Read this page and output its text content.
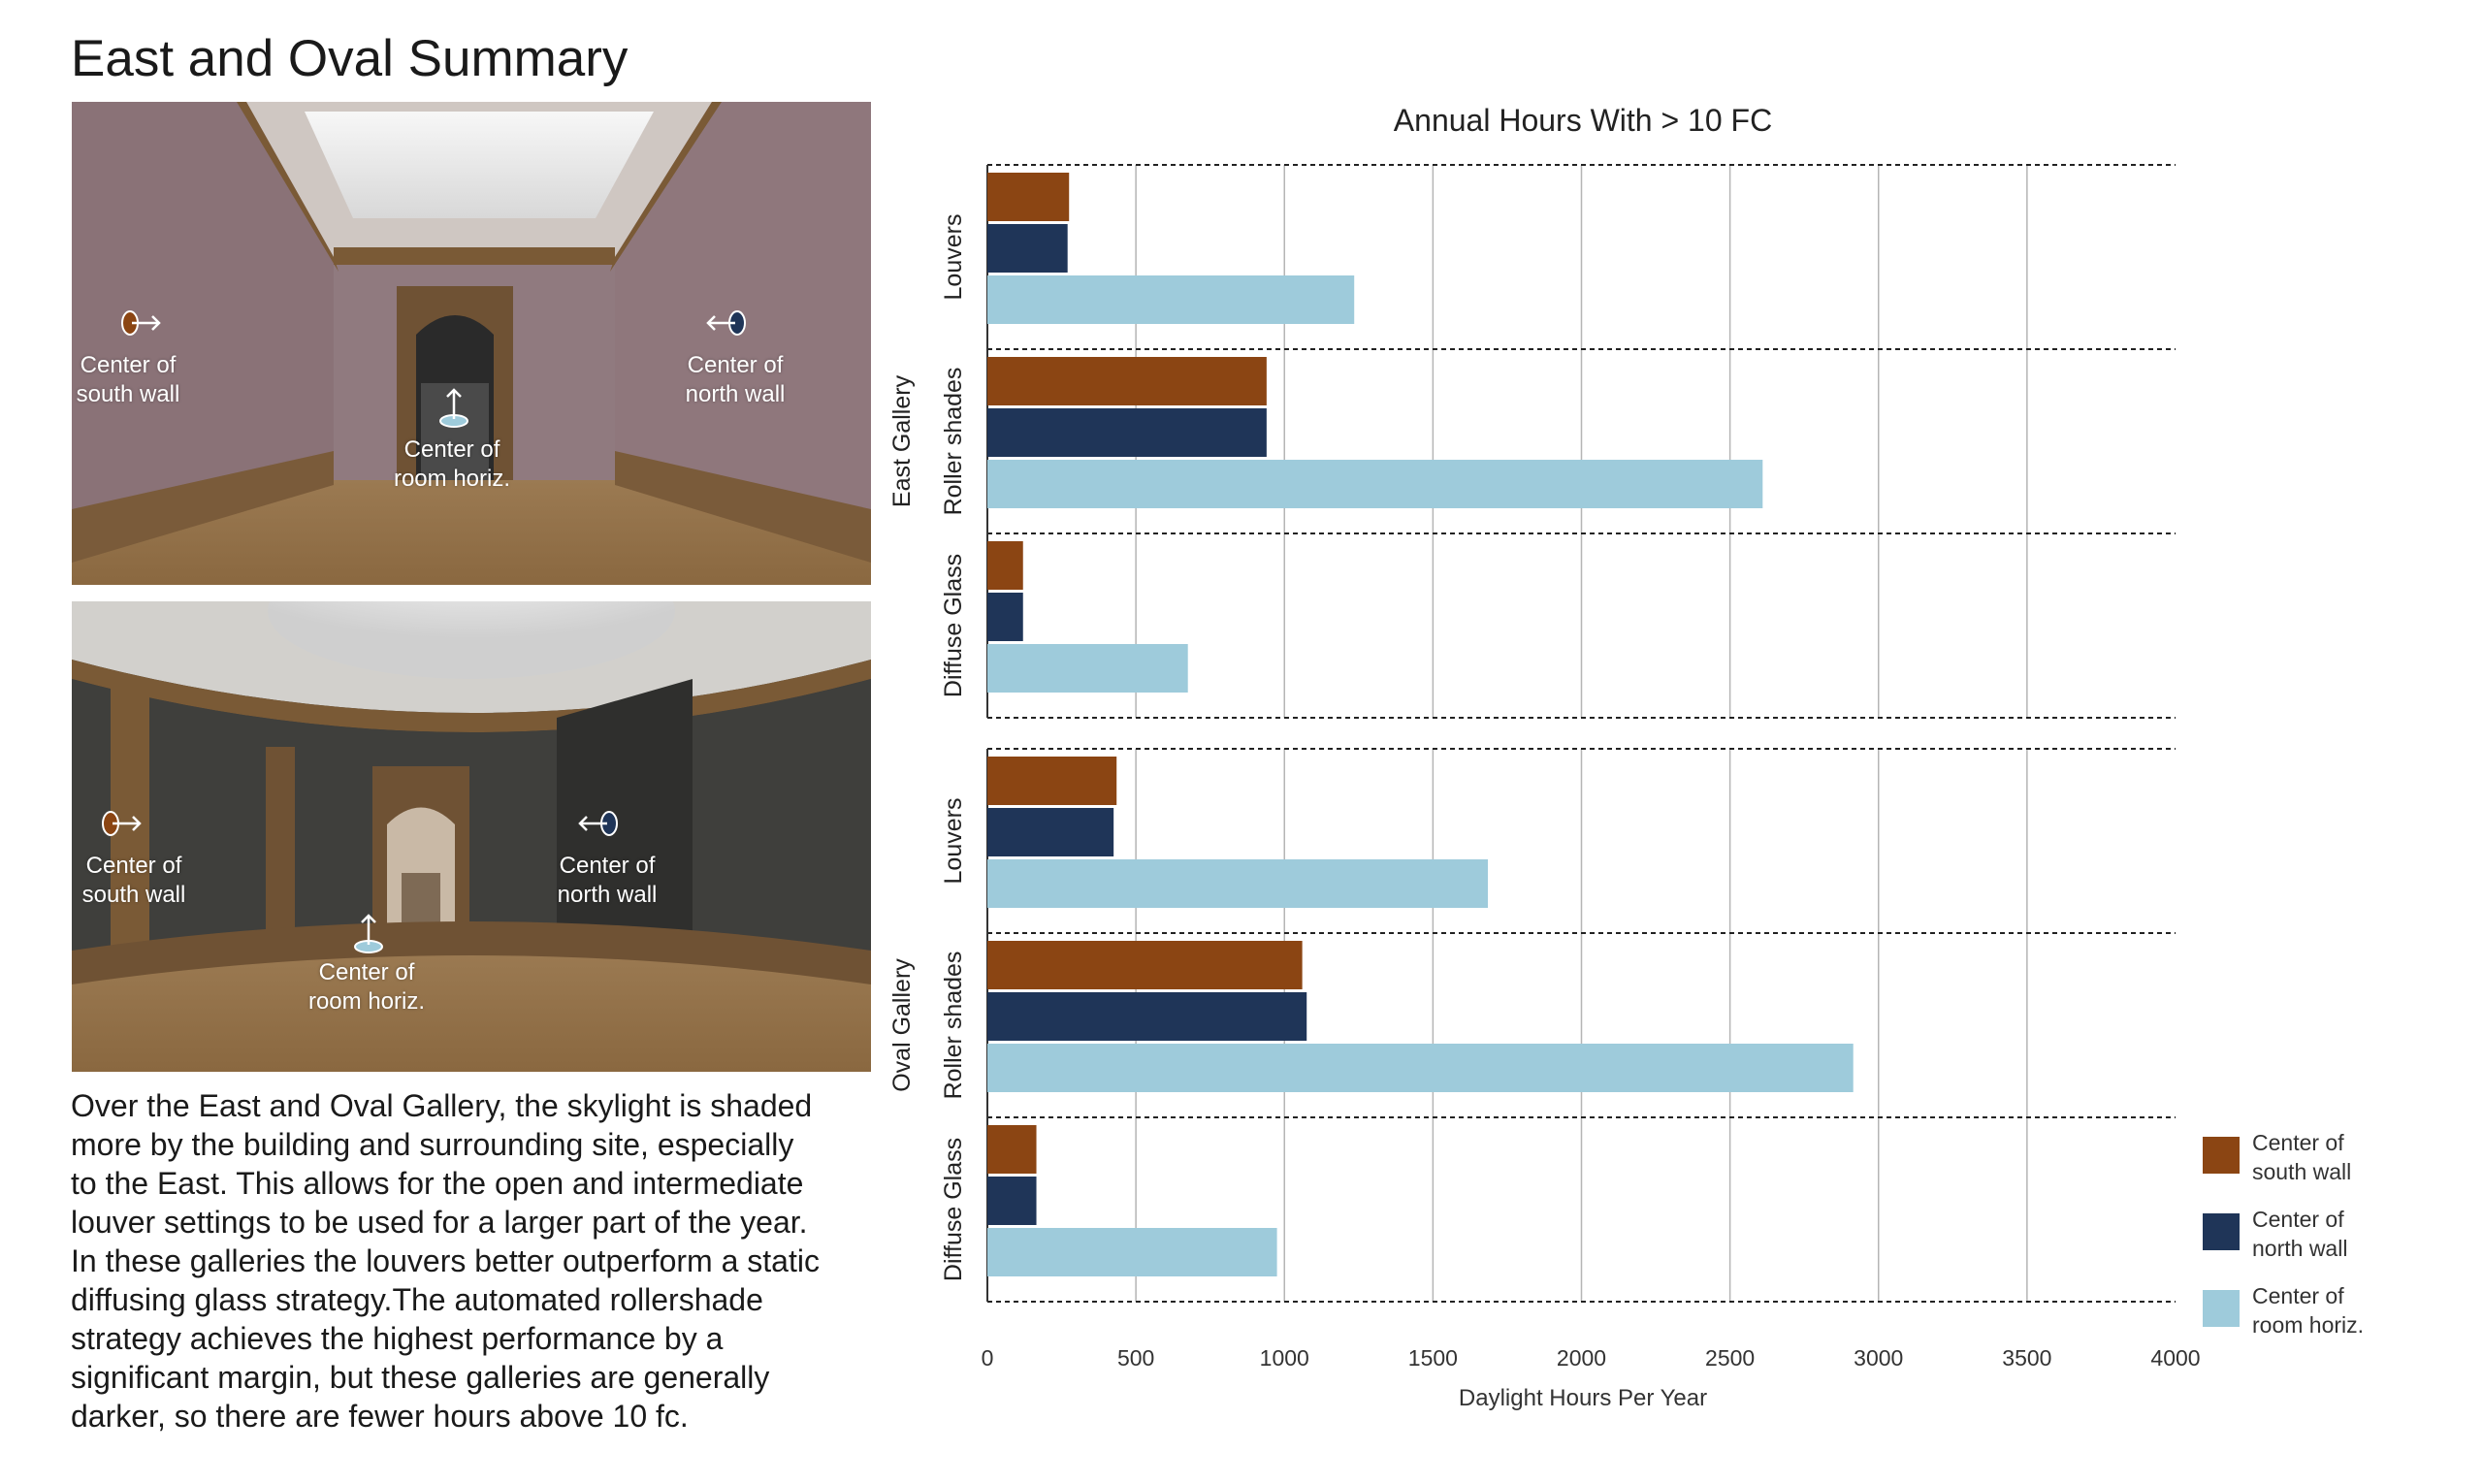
East and Oval Summary
Center of
south wall
Center of
north wall
Center of
room horiz.
Center of
south wall
Center of
north wall
Center of
room horiz.

Over the East and Oval Gallery, the skylight is shaded

more by the building and surrounding site, especially

to the East. This allows for the open and intermediate

louver settings to be used for a larger part of the year.

In these galleries the louvers better outperform a static

diffusing glass strategy.The automated rollershade

strategy achieves the highest performance by a

significant margin, but these galleries are generally

darker, so there are fewer hours above 10 fc.

Annual Hours With > 10 FC
Daylight Hours Per Year
0	500	1000	1500	2000	2500	3000	3500	4000
East Gallery
Louvers
Roller shades
Diffuse Glass
Oval Gallery
Louvers
Roller shades
Diffuse Glass	Center of
south wall
Center of
north wall
Center of
room horiz.
